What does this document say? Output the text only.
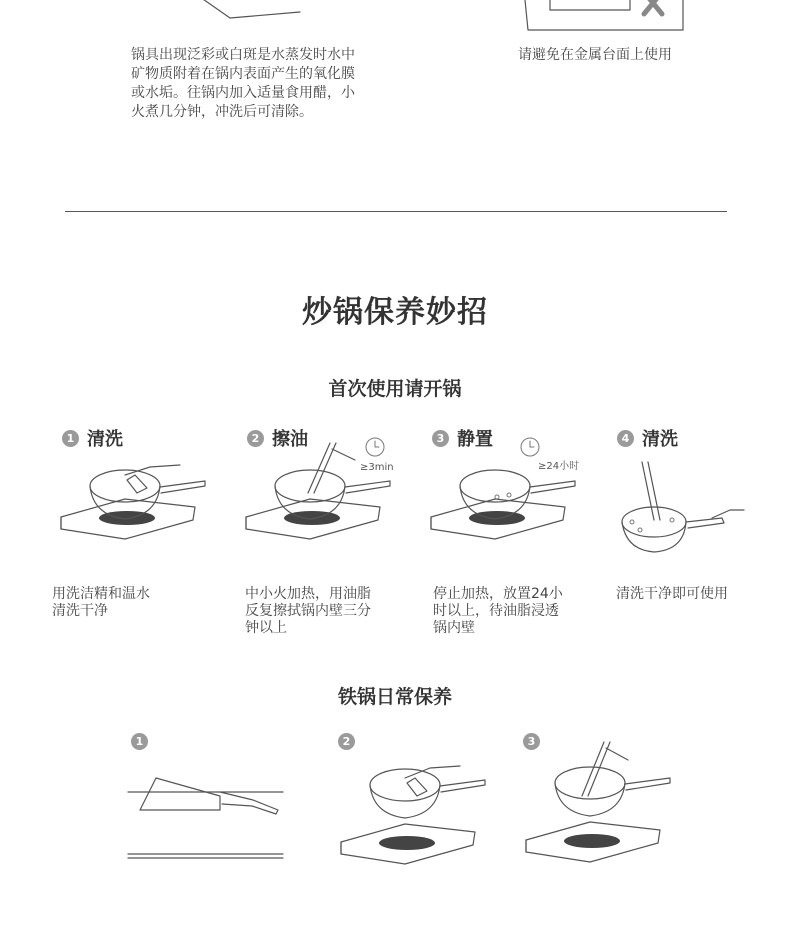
锅具出现泛彩或白斑是水蒸发时水中
矿物质附着在锅内表面产生的氧化膜
或水垢。往锅内加入适量食用醋，小
火煮几分钟，冲洗后可清除。
请避免在金属台面上使用
炒锅保养妙招
首次使用请开锅
1 清洗
用洗洁精和温水
清洗干净
2 擦油
≥3min
中小火加热，用油脂
反复擦拭锅内壁三分
钟以上
3 静置
≥24小时
停止加热，放置24小
时以上，待油脂浸透
锅内壁
4 清洗
清洗干净即可使用
铁锅日常保养
1	2	3
